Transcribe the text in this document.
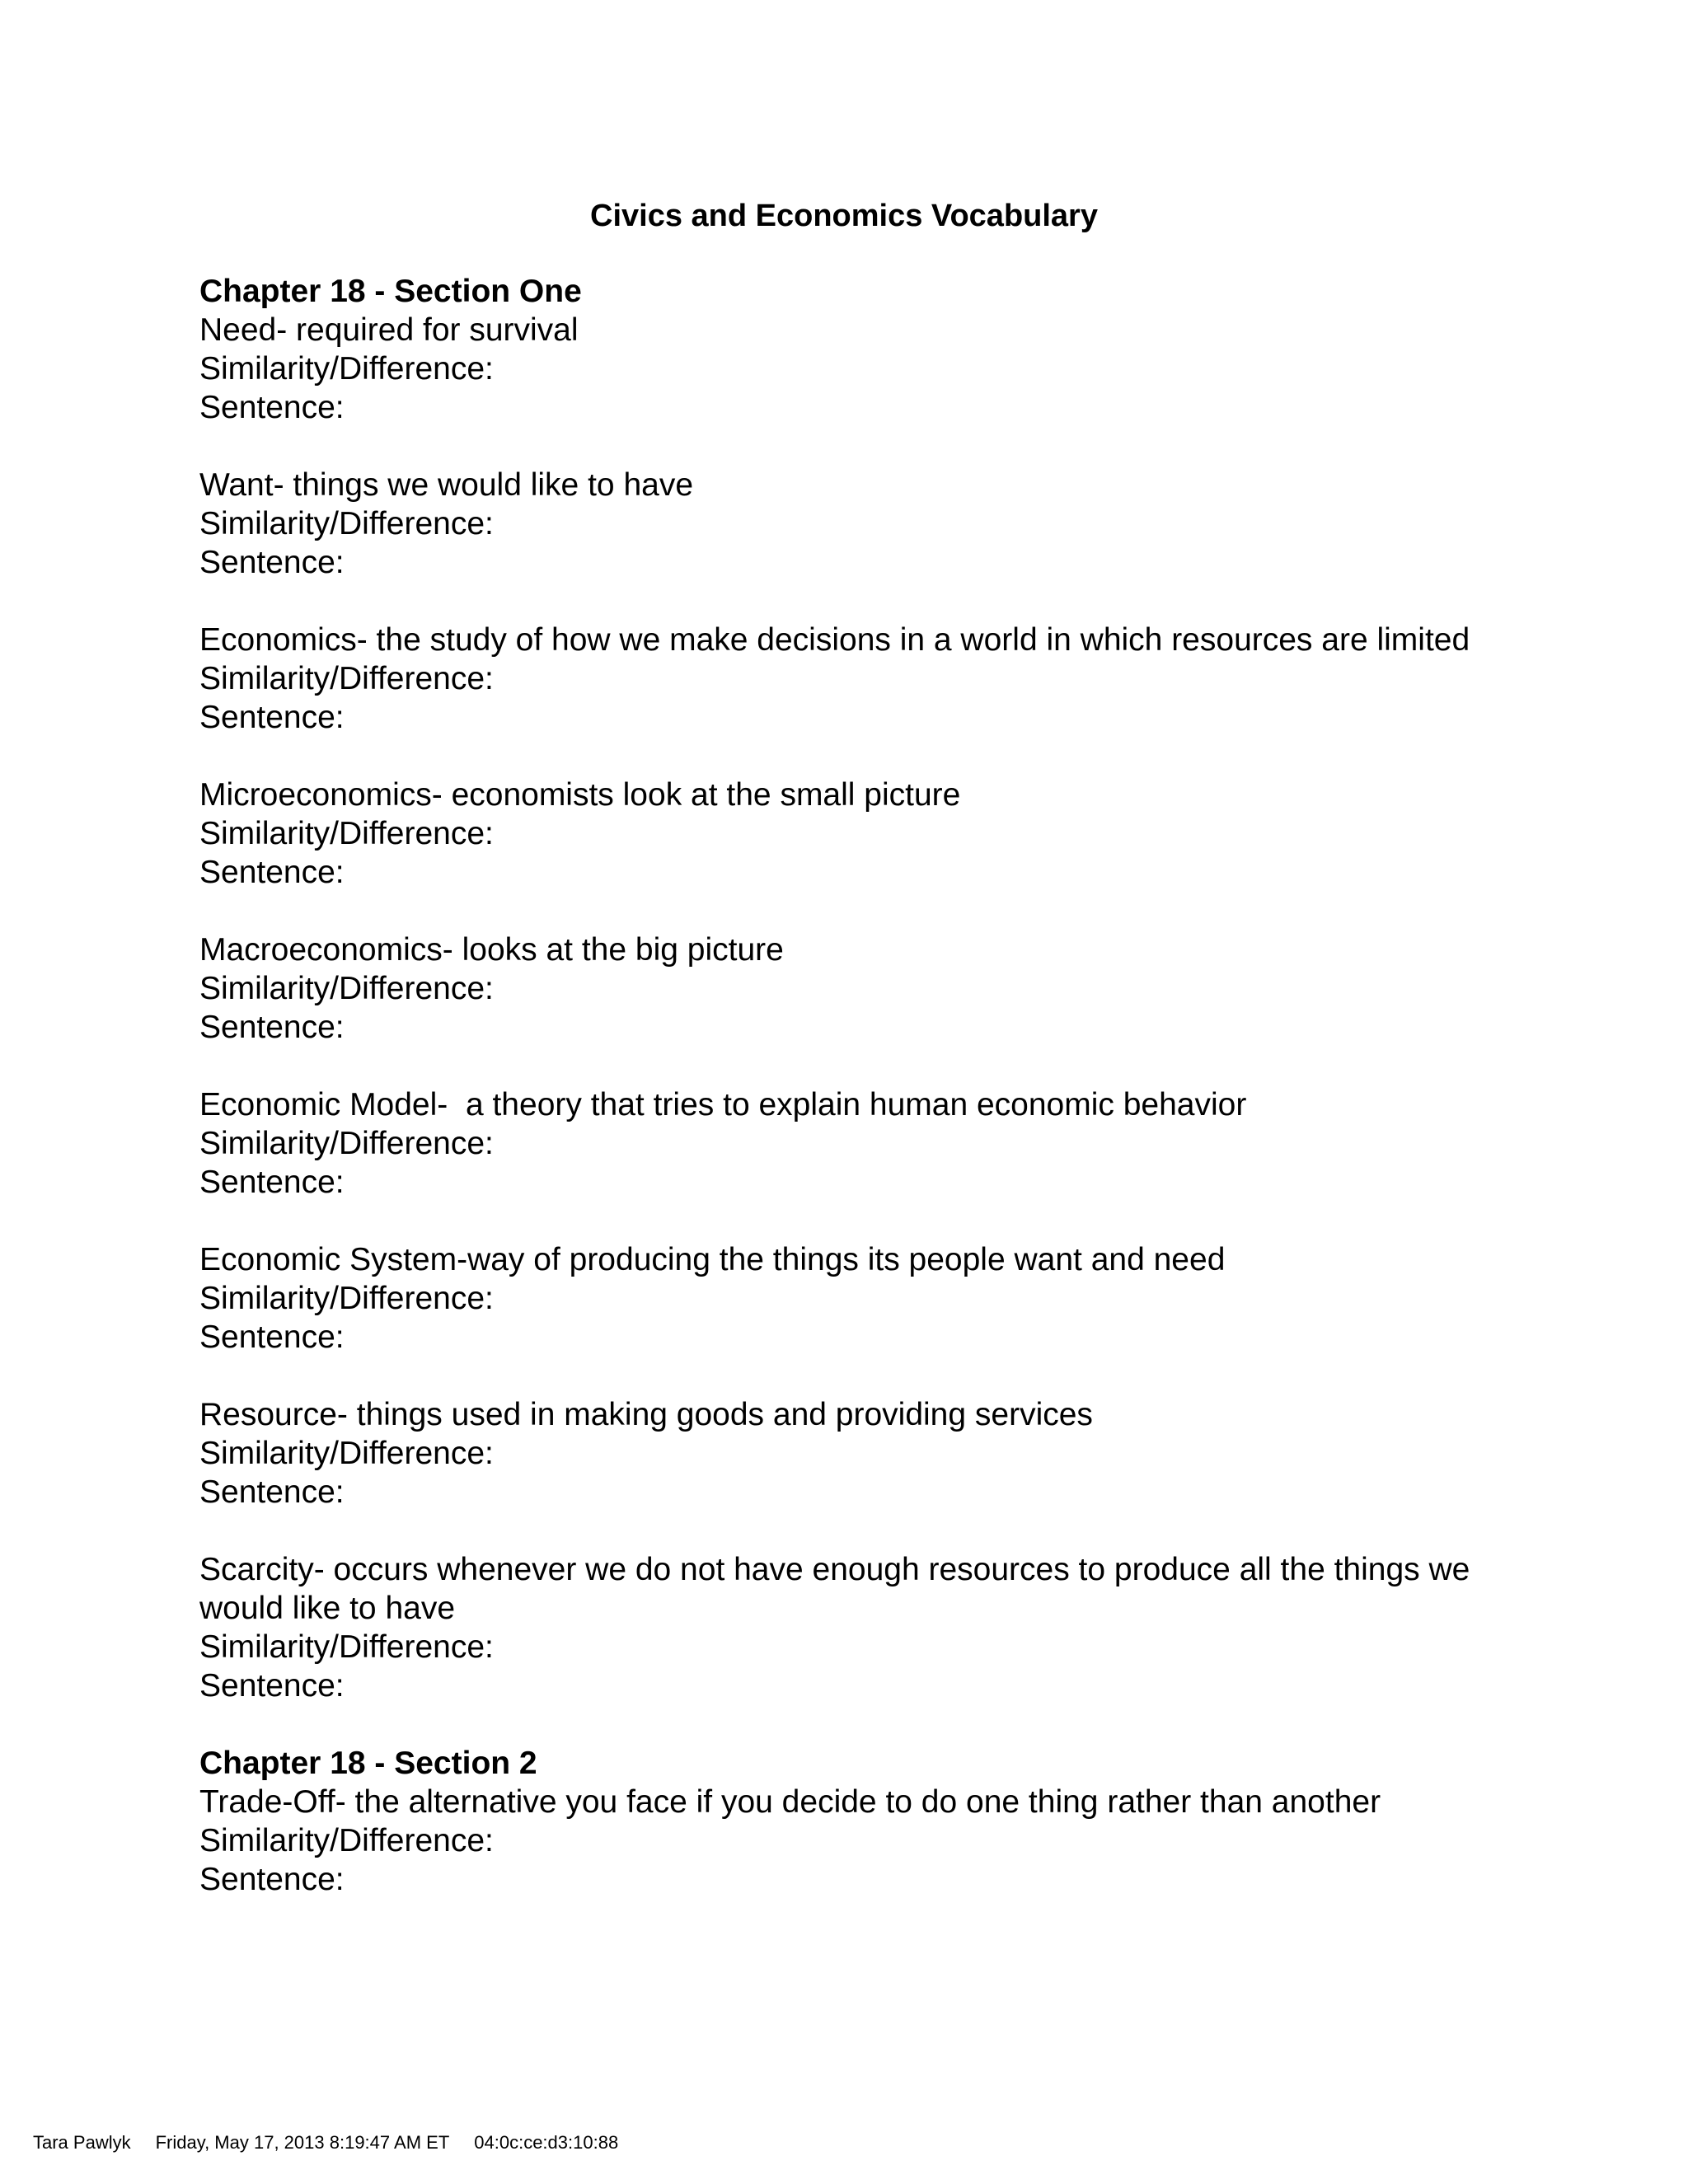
Civics and Economics Vocabulary
Chapter 18 - Section One
Need- required for survival
Similarity/Difference:
Sentence:
Want- things we would like to have
Similarity/Difference:
Sentence:
Economics- the study of how we make decisions in a world in which resources are limited
Similarity/Difference:
Sentence:
Microeconomics- economists look at the small picture
Similarity/Difference:
Sentence:
Macroeconomics- looks at the big picture
Similarity/Difference:
Sentence:
Economic Model-  a theory that tries to explain human economic behavior
Similarity/Difference:
Sentence:
Economic System-way of producing the things its people want and need
Similarity/Difference:
Sentence:
Resource- things used in making goods and providing services
Similarity/Difference:
Sentence:
Scarcity- occurs whenever we do not have enough resources to produce all the things we would like to have
Similarity/Difference:
Sentence:
Chapter 18 - Section 2
Trade-Off- the alternative you face if you decide to do one thing rather than another
Similarity/Difference:
Sentence:
Tara Pawlyk Friday, May 17, 2013 8:19:47 AM ET 04:0c:ce:d3:10:88
